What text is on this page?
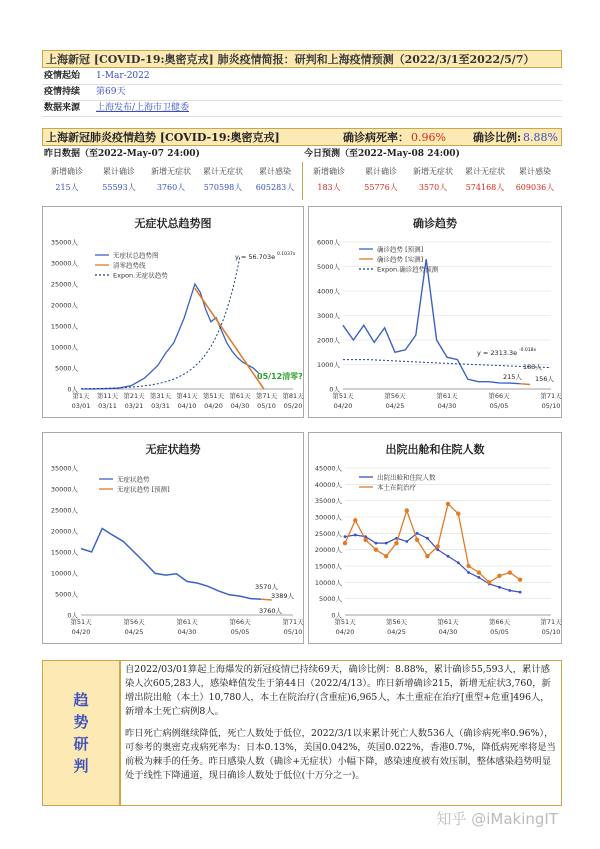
上海新冠 [COVID-19:奥密克戎] 肺炎疫情简报：研判和上海疫情预测（2022/3/1至2022/5/7）
疫情起始 1-Mar-2022
疫情持续 第69天
数据来源 上海发布/上海市卫健委
上海新冠肺炎疫情趋势 [COVID-19:奥密克戎]	确诊病死率： 0.96% 确诊比例: 8.88%
昨日数据（至2022-May-07 24:00)
新增确诊	累计确诊	新增无症状	累计无症状	累计感染
215人	55593人	3760人	570598人	605283人
今日预测（至2022-May-08 24:00)
新增确诊	累计确诊	新增无症状	累计无症状	累计感染
183人	55776人	3570人	574168人	609036人
无症状总趋势图
0人
5000人
10000人
15000人
20000人
25000人
30000人
35000人
第1天
03/01
第11天
03/11
第21天
03/21
第31天
03/31
第41天
04/10
第51天
04/20
第61天
04/30
第71天
05/10
第81天
05/20
无症状总趋势图
清零趋势线
Expon.无症状趋势
y = 56.703e 0.1037x
05/12清零?
确诊趋势
0人
1000人
2000人
3000人
4000人
5000人
6000人
第51天
04/20
第56天
04/25
第61天
04/30
第66天
05/05
第71天
05/10
确诊趋势 [预测]
确诊趋势 [实测]
Expon.确诊趋势预测
y = 2313.3e -0.018x
183人
215人 156人
无症状趋势
0人
5000人
10000人
15000人
20000人
25000人
30000人
35000人
第51天
04/20
第56天
04/25
第61天
04/30
第66天
05/05
第71天
05/10
无症状趋势
无症状趋势 [预测]
3570人
3389人
3760人
出院出舱和住院人数
0人
5000人
10000人
15000人
20000人
25000人
30000人
35000人
40000人
45000人
第51天
04/20
第56天
04/25
第61天
04/30
第66天
05/05
第71天
05/10
出院出舱和住院人数
本土在院治疗
趋
势
研
判
自2022/03/01算起上海爆发的新冠疫情已持续69天，确诊比例：8.88%，累计确诊55,593人，累计感染人次605,283人，感染峰值发生于第44日（2022/4/13）。昨日新增确诊215，新增无症状3,760，新增出院出舱（本土）10,780人，本土在院治疗(含重症)6,965人，本土重症在治疗[重型+危重]496人，新增本土死亡病例8人。
昨日死亡病例继续降低，死亡人数处于低位，2022/3/1以来累计死亡人数536人（确诊病死率0.96%），可参考的奥密克戎病死率为：日本0.13%，美国0.042%，英国0.022%，香港0.7%，降低病死率将是当前极为棘手的任务。昨日感染人数（确诊+无症状）小幅下降，感染速度被有效压制，整体感染趋势明显处于线性下降通道，现日确诊人数处于低位(十万分之一)。
知乎 @iMakingIT
